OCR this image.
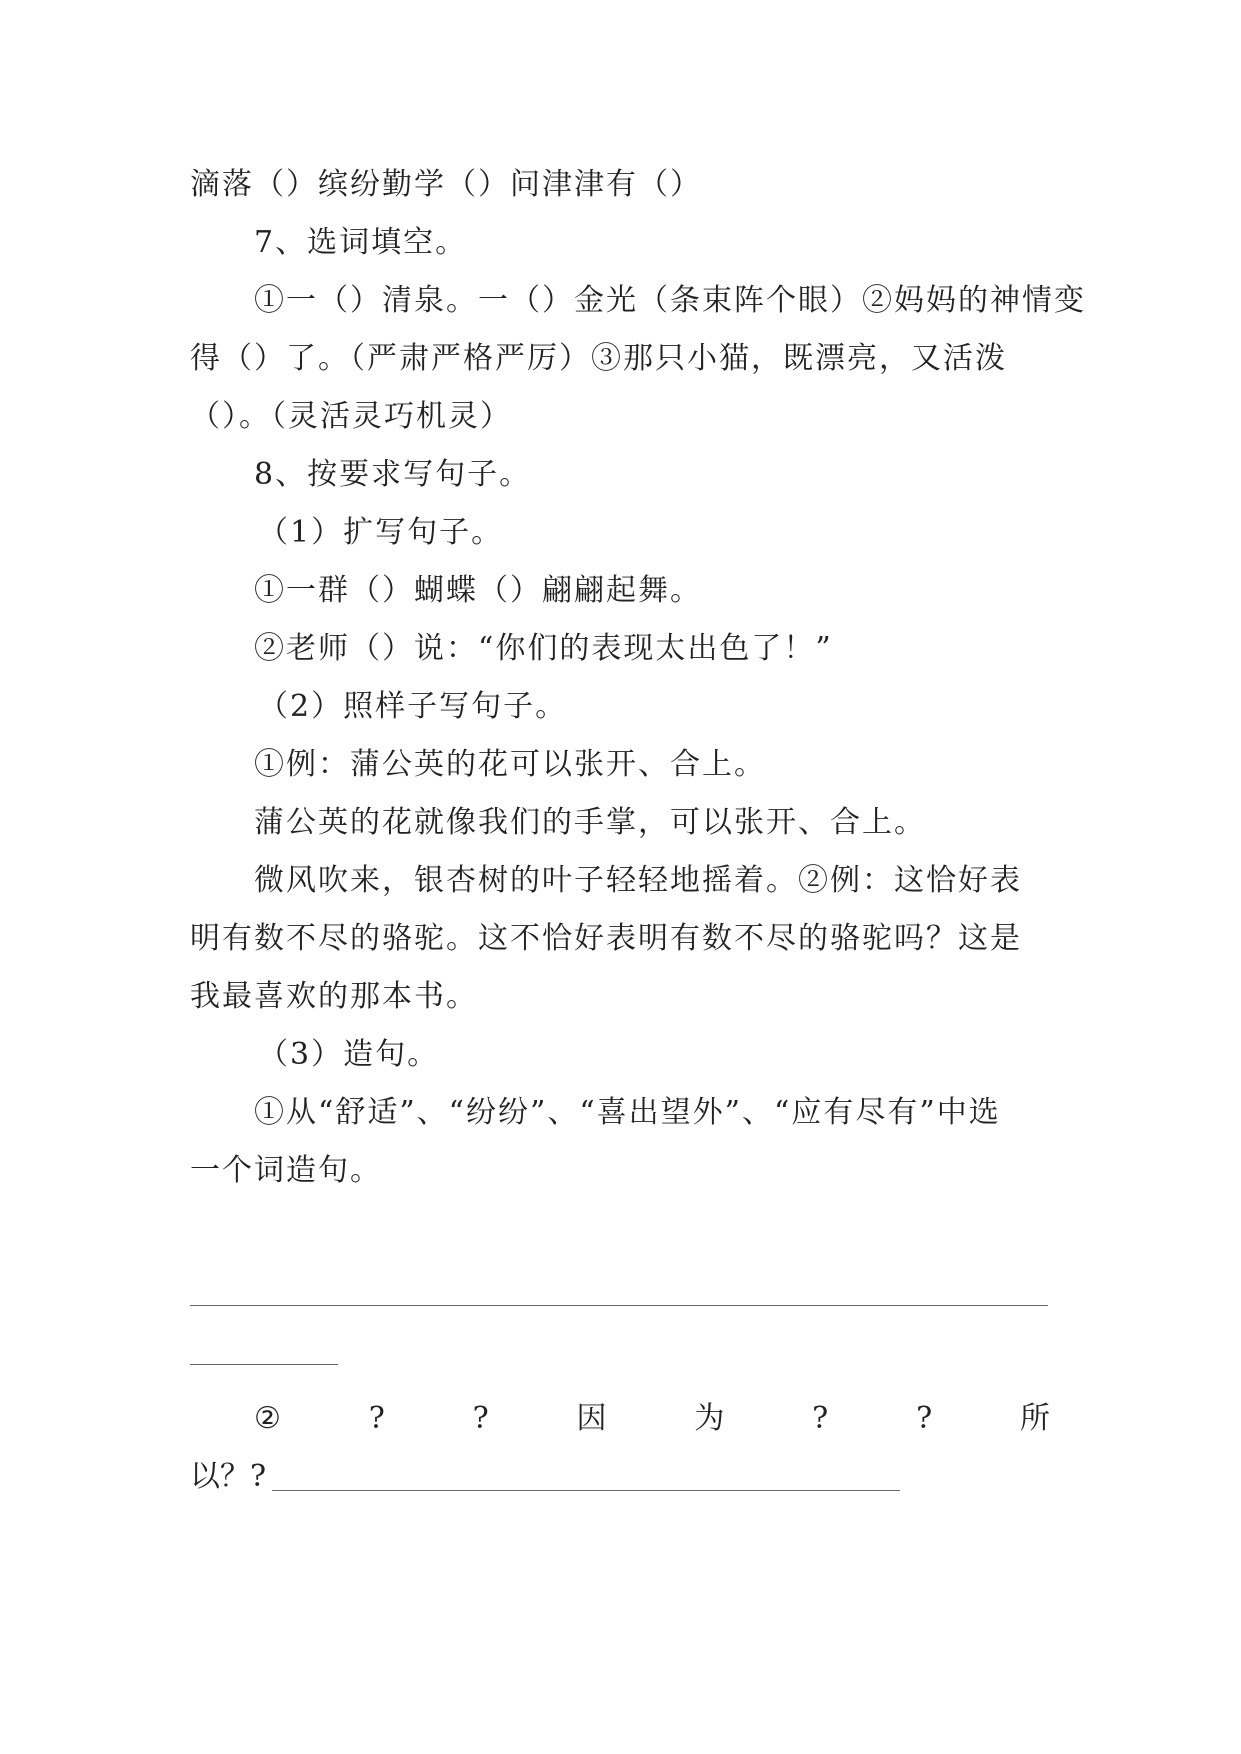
滴落（）缤纷勤学（）问津津有（）
7、选词填空。
①一（）清泉。一（）金光（条束阵个眼）②妈妈的神情变
得（）了。（严肃严格严厉）③那只小猫，既漂亮，又活泼
（）。（灵活灵巧机灵）
8、按要求写句子。
（1）扩写句子。
①一群（）蝴蝶（）翩翩起舞。
②老师（）说：“你们的表现太出色了！”
（2）照样子写句子。
①例：蒲公英的花可以张开、合上。
蒲公英的花就像我们的手掌，可以张开、合上。
微风吹来，银杏树的叶子轻轻地摇着。②例：这恰好表
明有数不尽的骆驼。这不恰好表明有数不尽的骆驼吗？这是
我最喜欢的那本书。
（3）造句。
①从“舒适”、“纷纷”、“喜出望外”、“应有尽有”中选
一个词造句。
②	?	?	因	为	?	?	所
以？?
